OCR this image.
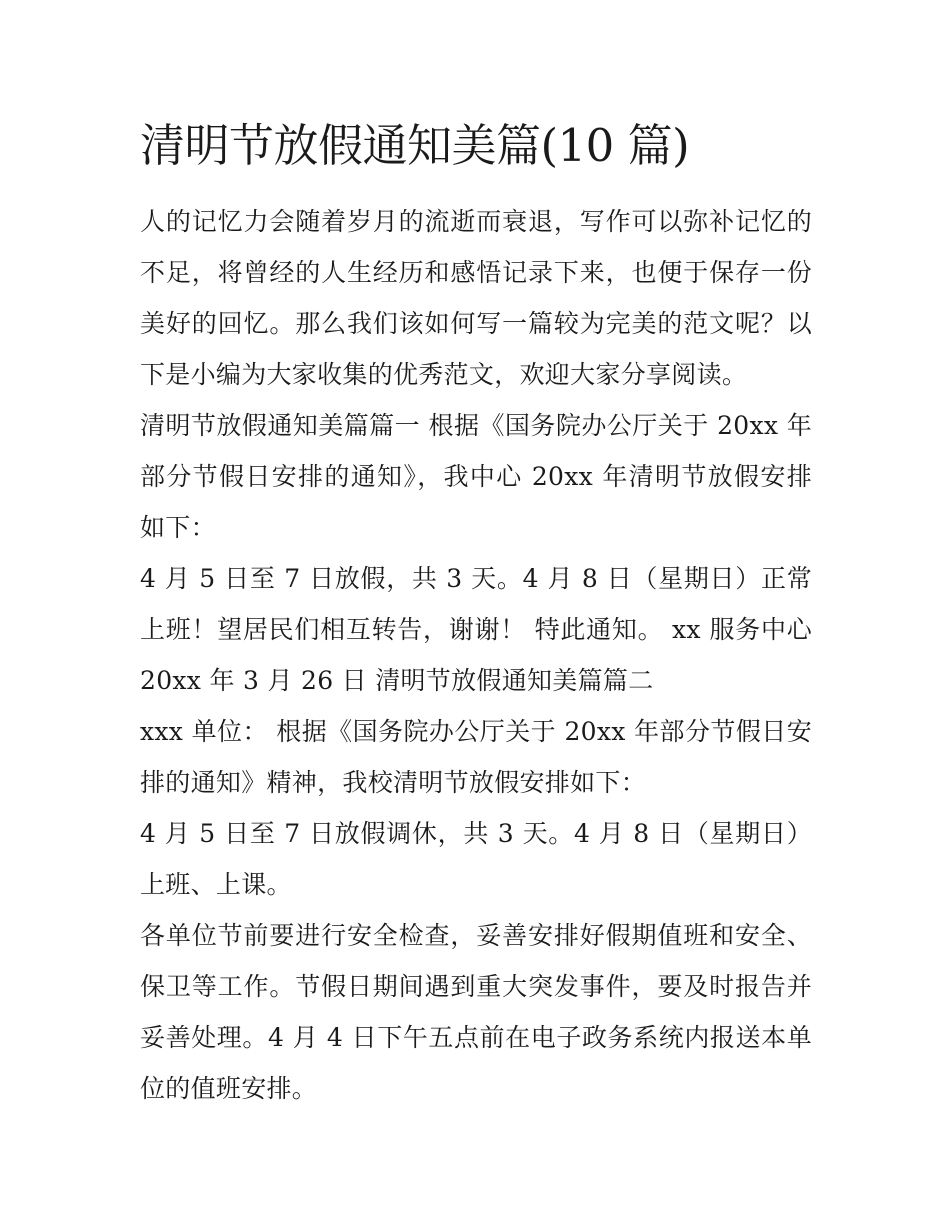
清明节放假通知美篇(10 篇)

人的记忆力会随着岁月的流逝而衰退，写作可以弥补记忆的不足，将曾经的人生经历和感悟记录下来，也便于保存一份美好的回忆。那么我们该如何写一篇较为完美的范文呢？以下是小编为大家收集的优秀范文，欢迎大家分享阅读。

清明节放假通知美篇篇一 根据《国务院办公厅关于 20xx 年部分节假日安排的通知》，我中心 20xx 年清明节放假安排如下：

4 月 5 日至 7 日放假，共 3 天。4 月 8 日（星期日）正常上班！望居民们相互转告，谢谢！ 特此通知。 xx 服务中心 20xx 年 3 月 26 日 清明节放假通知美篇篇二

xxx 单位： 根据《国务院办公厅关于 20xx 年部分节假日安排的通知》精神，我校清明节放假安排如下：

4 月 5 日至 7 日放假调休，共 3 天。4 月 8 日（星期日）上班、上课。

各单位节前要进行安全检查，妥善安排好假期值班和安全、保卫等工作。节假日期间遇到重大突发事件，要及时报告并妥善处理。4 月 4 日下午五点前在电子政务系统内报送本单位的值班安排。
